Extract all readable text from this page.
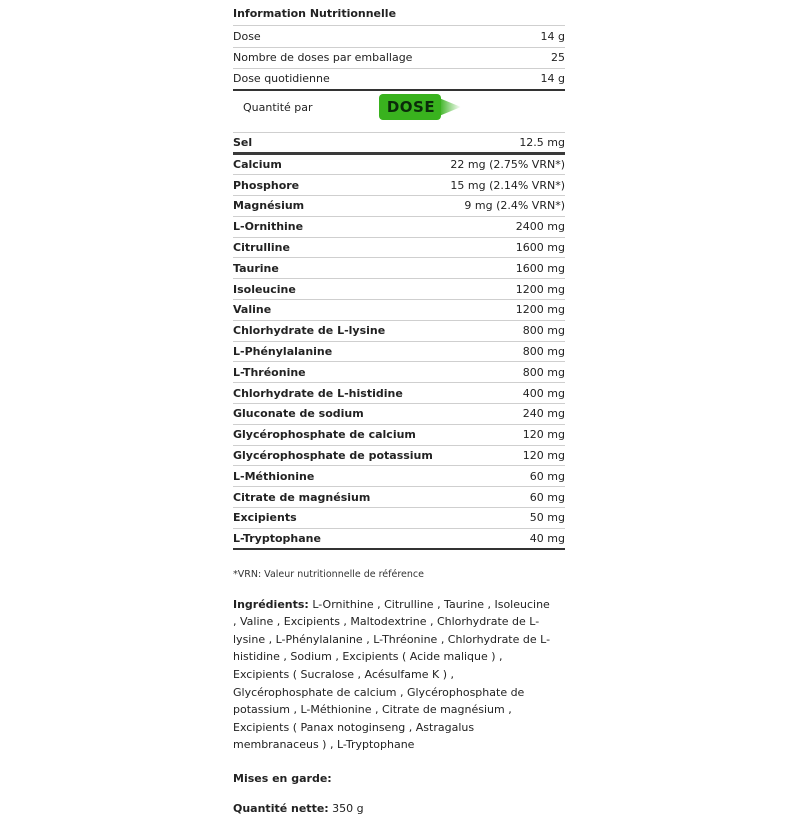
Information Nutritionnelle
Dose	14 g
Nombre de doses par emballage	25
Dose quotidienne	14 g
Quantité par	DOSE
Sel	12.5 mg
Calcium	22 mg (2.75% VRN*)
Phosphore	15 mg (2.14% VRN*)
Magnésium	9 mg (2.4% VRN*)
L-Ornithine	2400 mg
Citrulline	1600 mg
Taurine	1600 mg
Isoleucine	1200 mg
Valine	1200 mg
Chlorhydrate de L-lysine	800 mg
L-Phénylalanine	800 mg
L-Thréonine	800 mg
Chlorhydrate de L-histidine	400 mg
Gluconate de sodium	240 mg
Glycérophosphate de calcium	120 mg
Glycérophosphate de potassium	120 mg
L-Méthionine	60 mg
Citrate de magnésium	60 mg
Excipients	50 mg
L-Tryptophane	40 mg
*VRN: Valeur nutritionnelle de référence
Ingrédients: L-Ornithine , Citrulline , Taurine , Isoleucine , Valine , Excipients , Maltodextrine , Chlorhydrate de L-lysine , L-Phénylalanine , L-Thréonine , Chlorhydrate de L-histidine , Sodium , Excipients ( Acide malique ) , Excipients ( Sucralose , Acésulfame K ) , Glycérophosphate de calcium , Glycérophosphate de potassium , L-Méthionine , Citrate de magnésium , Excipients ( Panax notoginseng , Astragalus membranaceus ) , L-Tryptophane
Mises en garde:
Quantité nette: 350 g
